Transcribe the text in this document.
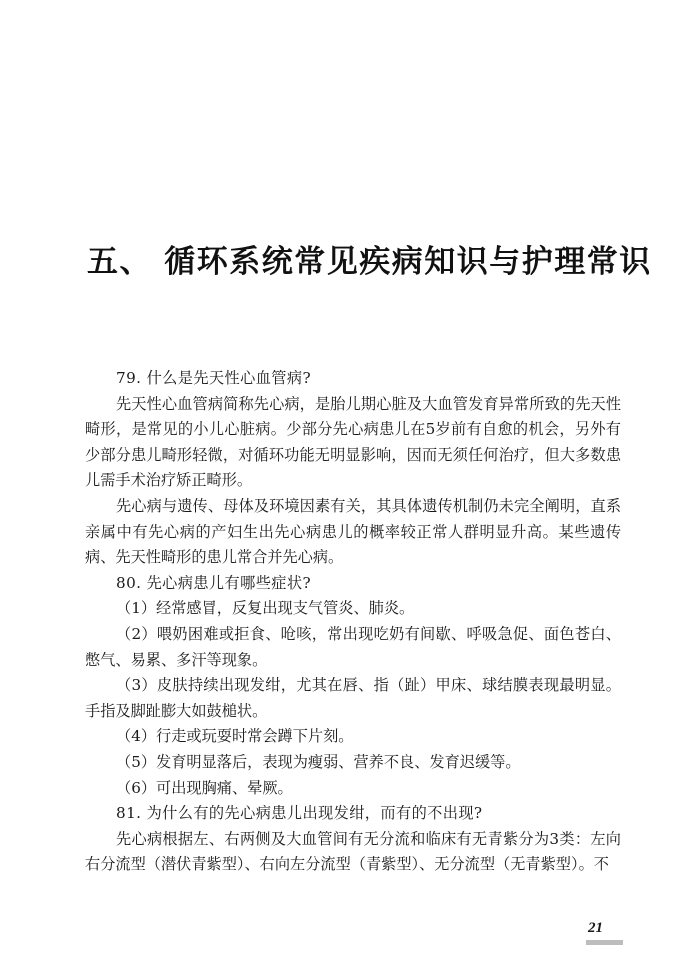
五、 循环系统常见疾病知识与护理常识

79. 什么是先天性心血管病?

先天性心血管病简称先心病，是胎儿期心脏及大血管发育异常所致的先天性畸形，是常见的小儿心脏病。少部分先心病患儿在5岁前有自愈的机会，另外有少部分患儿畸形轻微，对循环功能无明显影响，因而无须任何治疗，但大多数患儿需手术治疗矫正畸形。

先心病与遗传、母体及环境因素有关，其具体遗传机制仍未完全阐明，直系亲属中有先心病的产妇生出先心病患儿的概率较正常人群明显升高。某些遗传病、先天性畸形的患儿常合并先心病。

80. 先心病患儿有哪些症状?

（1）经常感冒，反复出现支气管炎、肺炎。

（2）喂奶困难或拒食、呛咳，常出现吃奶有间歇、呼吸急促、面色苍白、憋气、易累、多汗等现象。

（3）皮肤持续出现发绀，尤其在唇、指（趾）甲床、球结膜表现最明显。手指及脚趾膨大如鼓槌状。

（4）行走或玩耍时常会蹲下片刻。

（5）发育明显落后，表现为瘦弱、营养不良、发育迟缓等。

（6）可出现胸痛、晕厥。

81. 为什么有的先心病患儿出现发绀，而有的不出现?

先心病根据左、右两侧及大血管间有无分流和临床有无青紫分为3类：左向右分流型（潜伏青紫型）、右向左分流型（青紫型）、无分流型（无青紫型）。不

21
